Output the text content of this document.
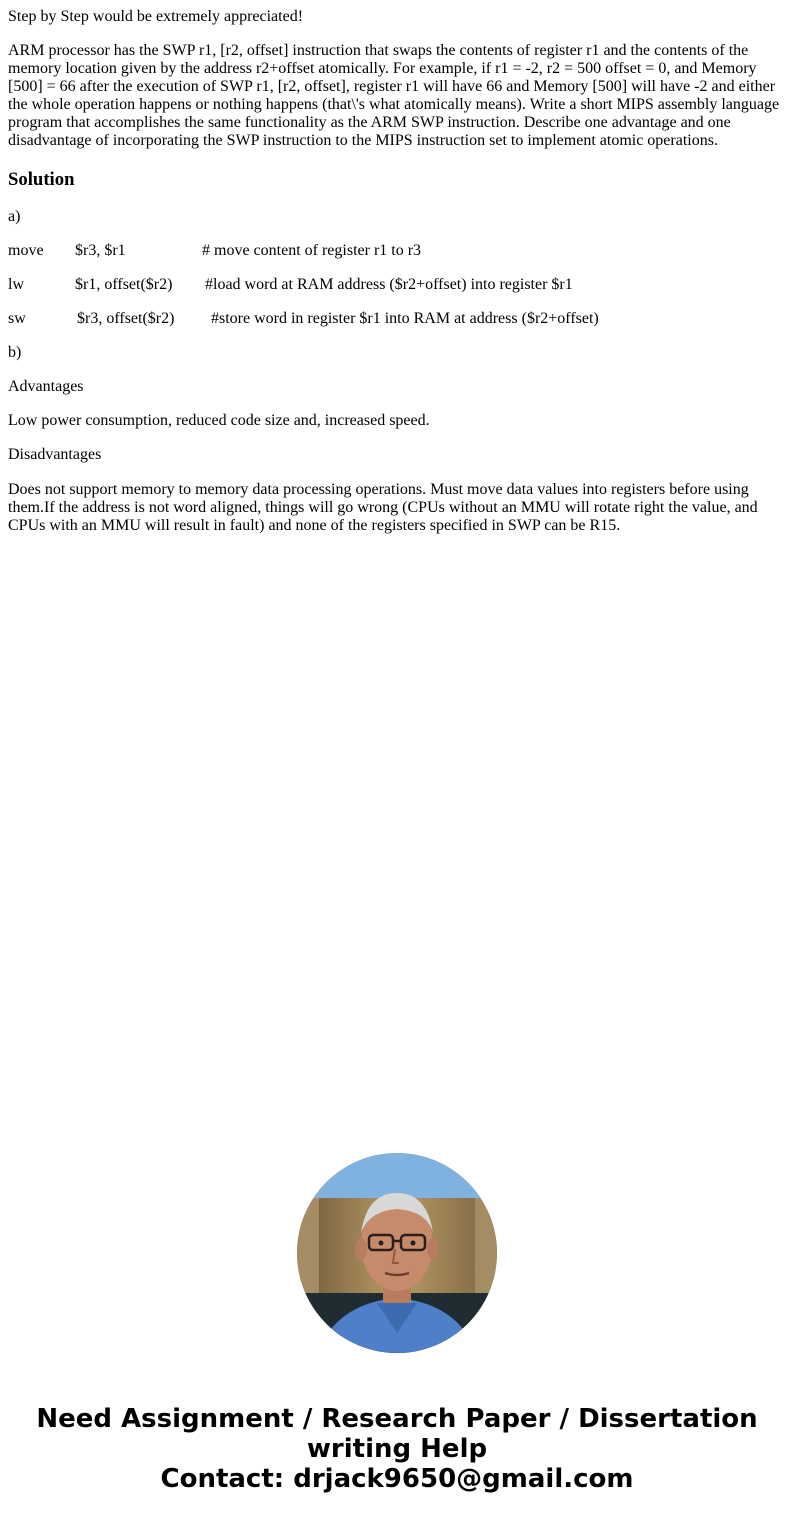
Step by Step would be extremely appreciated!

ARM processor has the SWP r1, [r2, offset] instruction that swaps the contents of register r1 and the contents of the memory location given by the address r2+offset atomically. For example, if r1 = -2, r2 = 500 offset = 0, and Memory [500] = 66 after the execution of SWP r1, [r2, offset], register r1 will have 66 and Memory [500] will have -2 and either the whole operation happens or nothing happens (that\'s what atomically means). Write a short MIPS assembly language program that accomplishes the same functionality as the ARM SWP instruction. Describe one advantage and one disadvantage of incorporating the SWP instruction to the MIPS instruction set to implement atomic operations.

Solution

a)

move $r3, $r1	# move content of register r1 to r3
lw	$r1, offset($r2) #load word at RAM address ($r2+offset) into register $r1
sw	$r3, offset($r2) #store word in register $r1 into RAM at address ($r2+offset)

b)

Advantages

Low power consumption, reduced code size and, increased speed.

Disadvantages

Does not support memory to memory data processing operations. Must move data values into registers before using them.If the address is not word aligned, things will go wrong (CPUs without an MMU will rotate right the value, and CPUs with an MMU will result in fault) and none of the registers specified in SWP can be R15.

Need Assignment / Research Paper / Dissertation
writing Help
Contact: drjack9650@gmail.com
